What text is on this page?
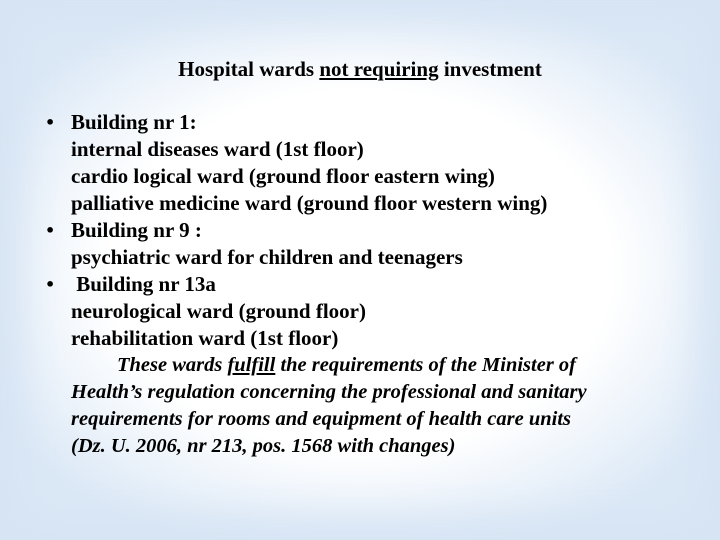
Hospital wards not requiring investment
• Building nr 1:
internal diseases ward (1st floor)
cardio logical ward (ground floor eastern wing)
palliative medicine ward (ground floor western wing)
• Building nr 9 :
psychiatric ward for children and teenagers
• Building nr 13a
neurological ward (ground floor)
rehabilitation ward (1st floor)
These wards fulfill the requirements of the Minister of
Health’s regulation concerning the professional and sanitary
requirements for rooms and equipment of health care units
(Dz. U. 2006, nr 213, pos. 1568 with changes)
